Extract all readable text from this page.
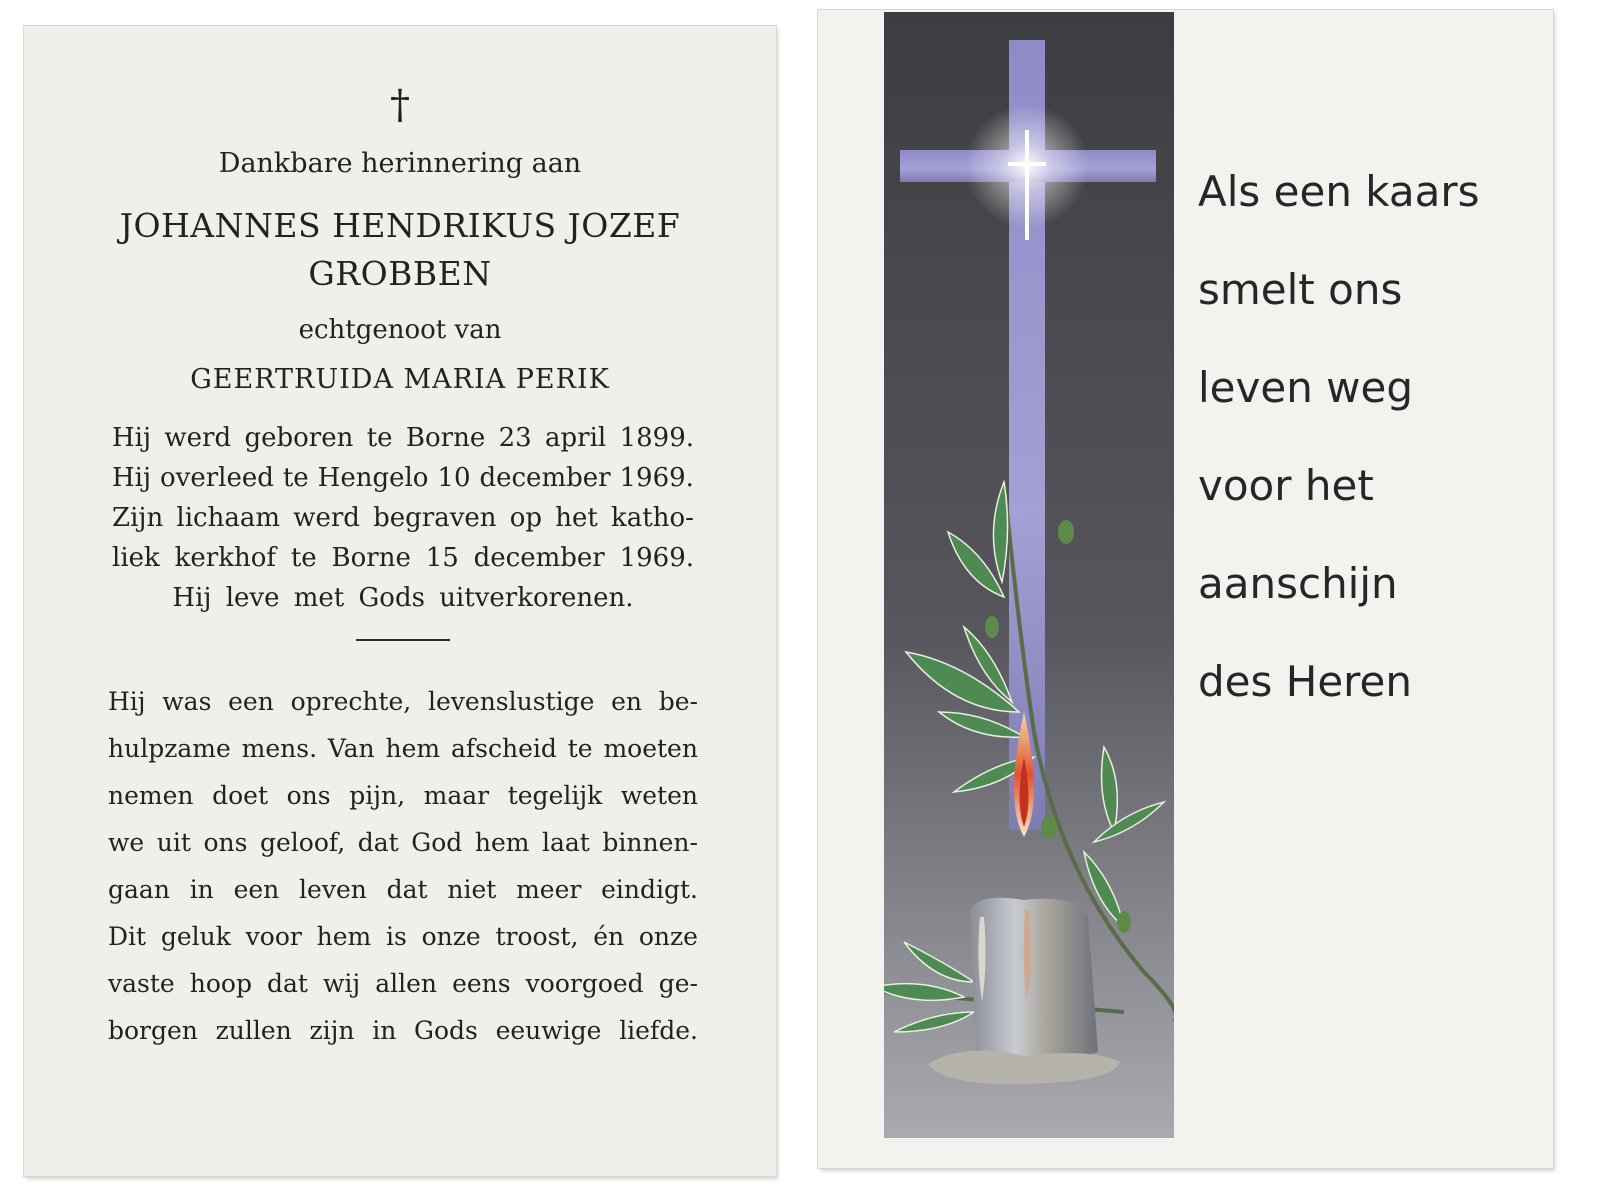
†
Dankbare herinnering aan
JOHANNES HENDRIKUS JOZEF
GROBBEN
echtgenoot van
GEERTRUIDA MARIA PERIK
Hij werd geboren te Borne 23 april 1899.
Hij overleed te Hengelo 10 december 1969.
Zijn lichaam werd begraven op het katho-
liek kerkhof te Borne 15 december 1969.
Hij leve met Gods uitverkorenen.
Hij was een oprechte, levenslustige en be-
hulpzame mens. Van hem afscheid te moeten
nemen doet ons pijn, maar tegelijk weten
we uit ons geloof, dat God hem laat binnen-
gaan in een leven dat niet meer eindigt.
Dit geluk voor hem is onze troost, én onze
vaste hoop dat wij allen eens voorgoed ge-
borgen zullen zijn in Gods eeuwige liefde.
Als een kaars
smelt ons
leven weg
voor het
aanschijn
des Heren
